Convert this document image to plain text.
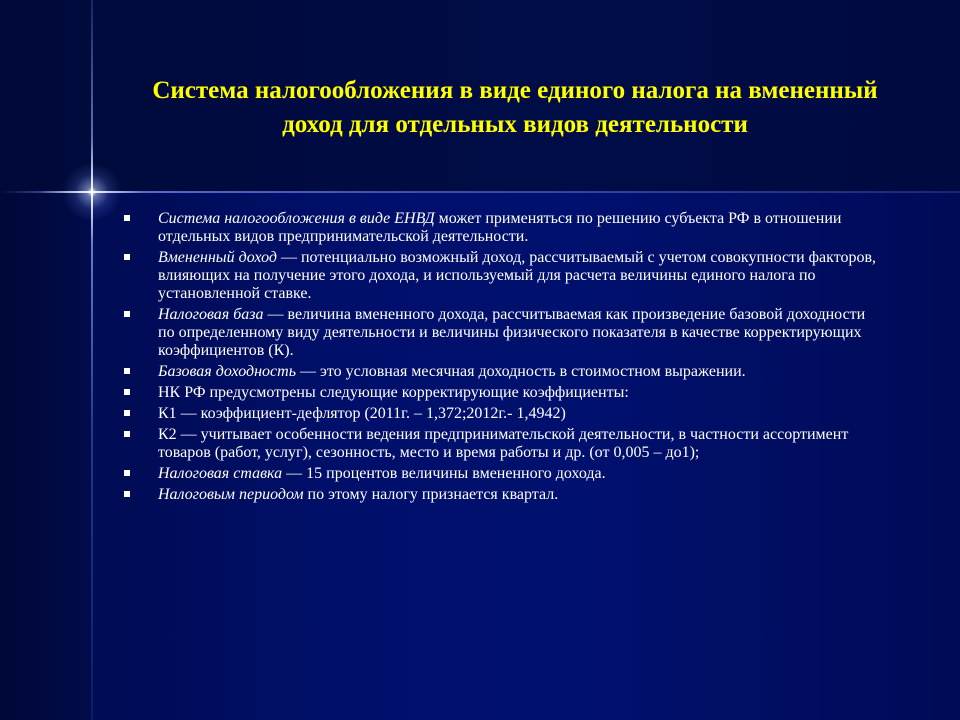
Система налогообложения в виде единого налога на вмененный доход для отдельных видов деятельности
Система налогообложения в виде ЕНВД может применяться по решению субъекта РФ в отношении отдельных видов предпринимательской деятельности.
Вмененный доход — потенциально возможный доход, рассчитываемый с учетом совокупности факторов, влияющих на получение этого дохода, и используемый для расчета величины единого налога по установленной ставке.
Налоговая база — величина вмененного дохода, рассчитываемая как произведение базовой доходности по определенному виду деятельности и величины физического показателя в качестве корректирующих коэффициентов (К).
Базовая доходность — это условная месячная доходность в стоимостном выражении.
НК РФ предусмотрены следующие корректирующие коэффициенты:
К1 — коэффициент-дефлятор (2011г. – 1,372;2012г.- 1,4942)
К2 — учитывает особенности ведения предпринимательской деятельности, в частности ассортимент товаров (работ, услуг), сезонность, место и время работы и др. (от 0,005 – до1);
Налоговая ставка — 15 процентов величины вмененного дохода.
Налоговым периодом по этому налогу признается квартал.
